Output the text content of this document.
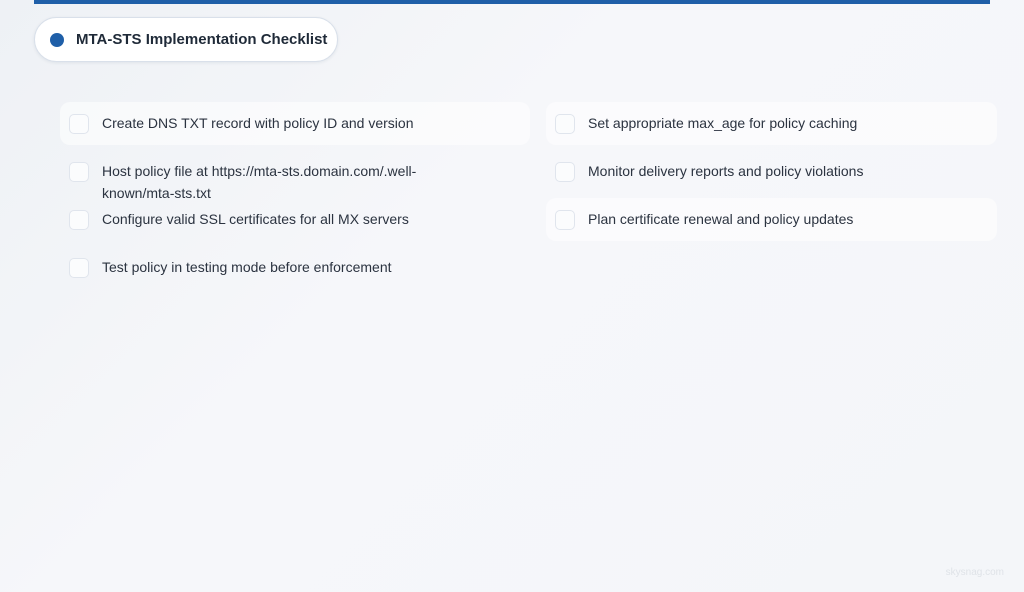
MTA-STS Implementation Checklist
Create DNS TXT record with policy ID and version
Host policy file at https://mta-sts.domain.com/.well-known/mta-sts.txt
Configure valid SSL certificates for all MX servers
Test policy in testing mode before enforcement
Set appropriate max_age for policy caching
Monitor delivery reports and policy violations
Plan certificate renewal and policy updates
skysnag.com
